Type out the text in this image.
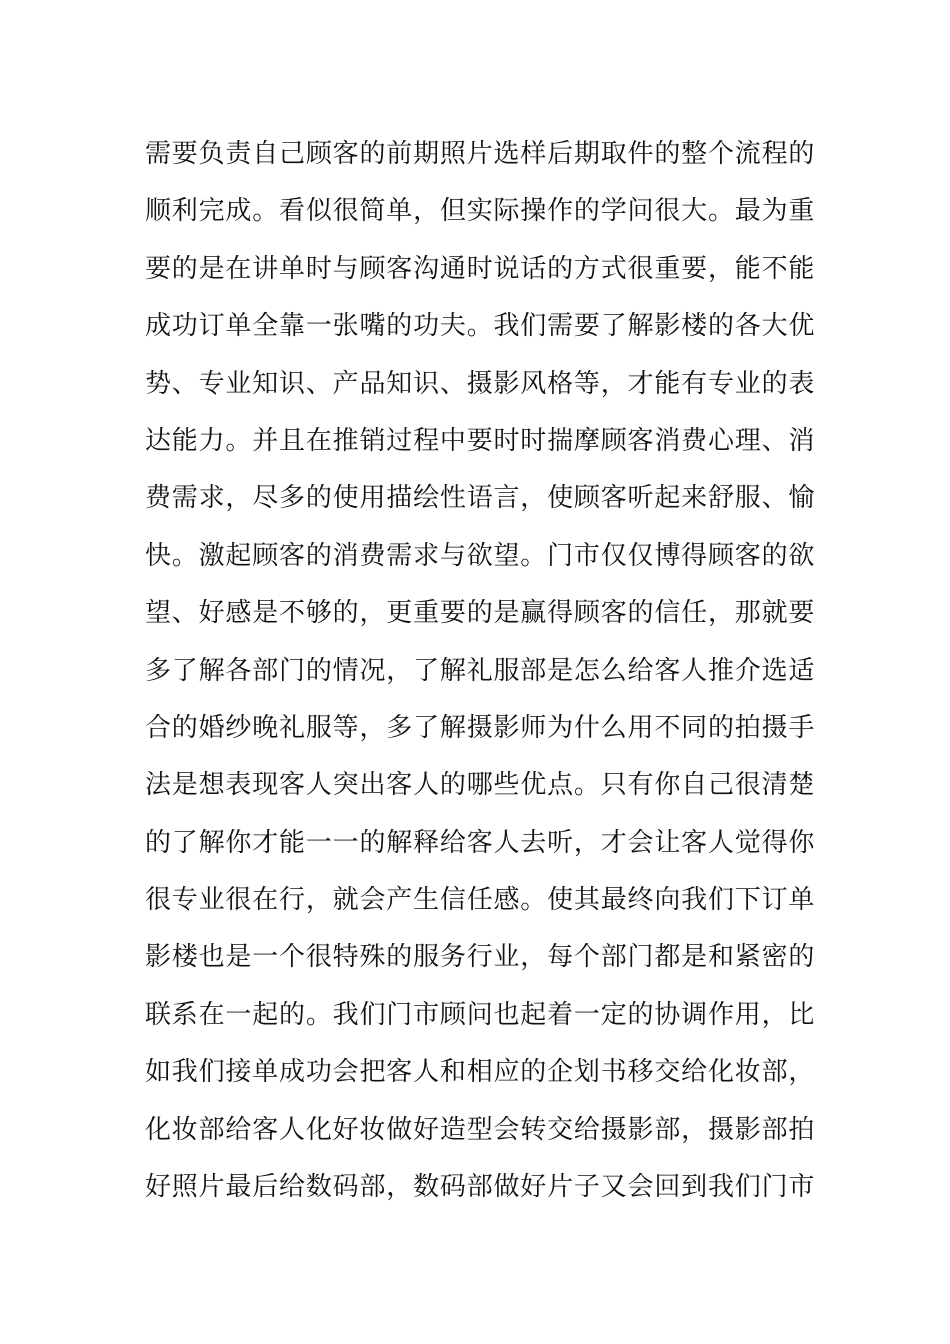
需要负责自己顾客的前期照片选样后期取件的整个流程的
顺利完成。看似很简单，但实际操作的学问很大。最为重
要的是在讲单时与顾客沟通时说话的方式很重要，能不能
成功订单全靠一张嘴的功夫。我们需要了解影楼的各大优
势、专业知识、产品知识、摄影风格等，才能有专业的表
达能力。并且在推销过程中要时时揣摩顾客消费心理、消
费需求，尽多的使用描绘性语言，使顾客听起来舒服、愉
快。激起顾客的消费需求与欲望。门市仅仅博得顾客的欲
望、好感是不够的，更重要的是赢得顾客的信任，那就要
多了解各部门的情况，了解礼服部是怎么给客人推介选适
合的婚纱晚礼服等，多了解摄影师为什么用不同的拍摄手
法是想表现客人突出客人的哪些优点。只有你自己很清楚
的了解你才能一一的解释给客人去听，才会让客人觉得你
很专业很在行，就会产生信任感。使其最终向我们下订单
影楼也是一个很特殊的服务行业，每个部门都是和紧密的
联系在一起的。我们门市顾问也起着一定的协调作用，比
如我们接单成功会把客人和相应的企划书移交给化妆部，
化妆部给客人化好妆做好造型会转交给摄影部，摄影部拍
好照片最后给数码部，数码部做好片子又会回到我们门市
